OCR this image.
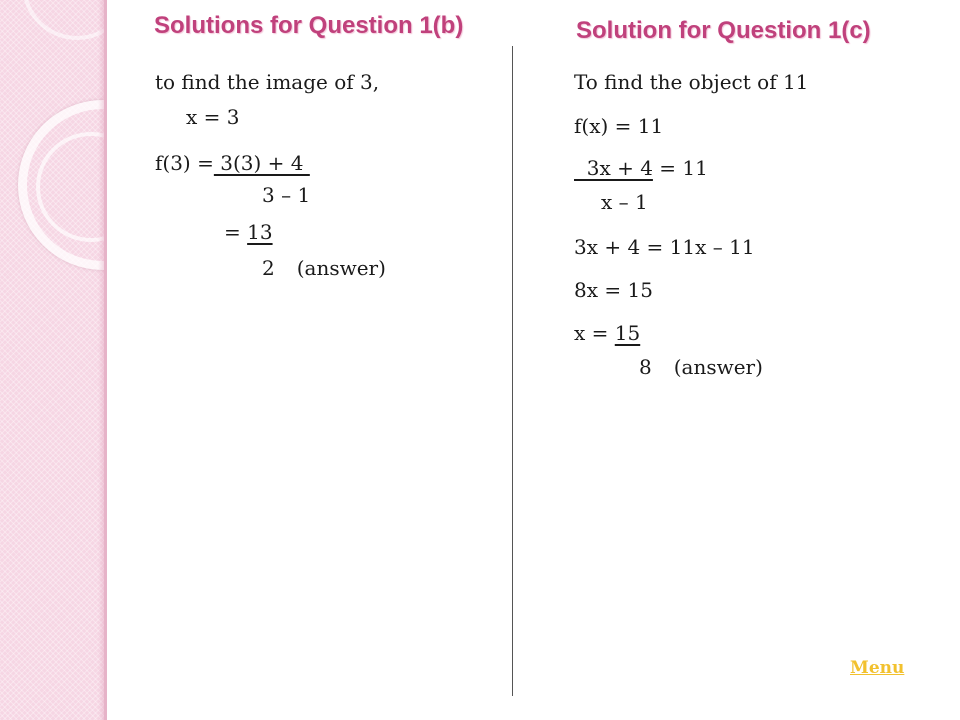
Solutions for Question 1(b)
to find the image of 3,
x = 3
f(3) = 3(3) + 4
3 – 1
= 13
2 (answer)
Solution for Question 1(c)
To find the object of 11
f(x) = 11
3x + 4 = 11
x – 1
3x + 4 = 11x – 11
8x = 15
x = 15
8 (answer)
Menu
